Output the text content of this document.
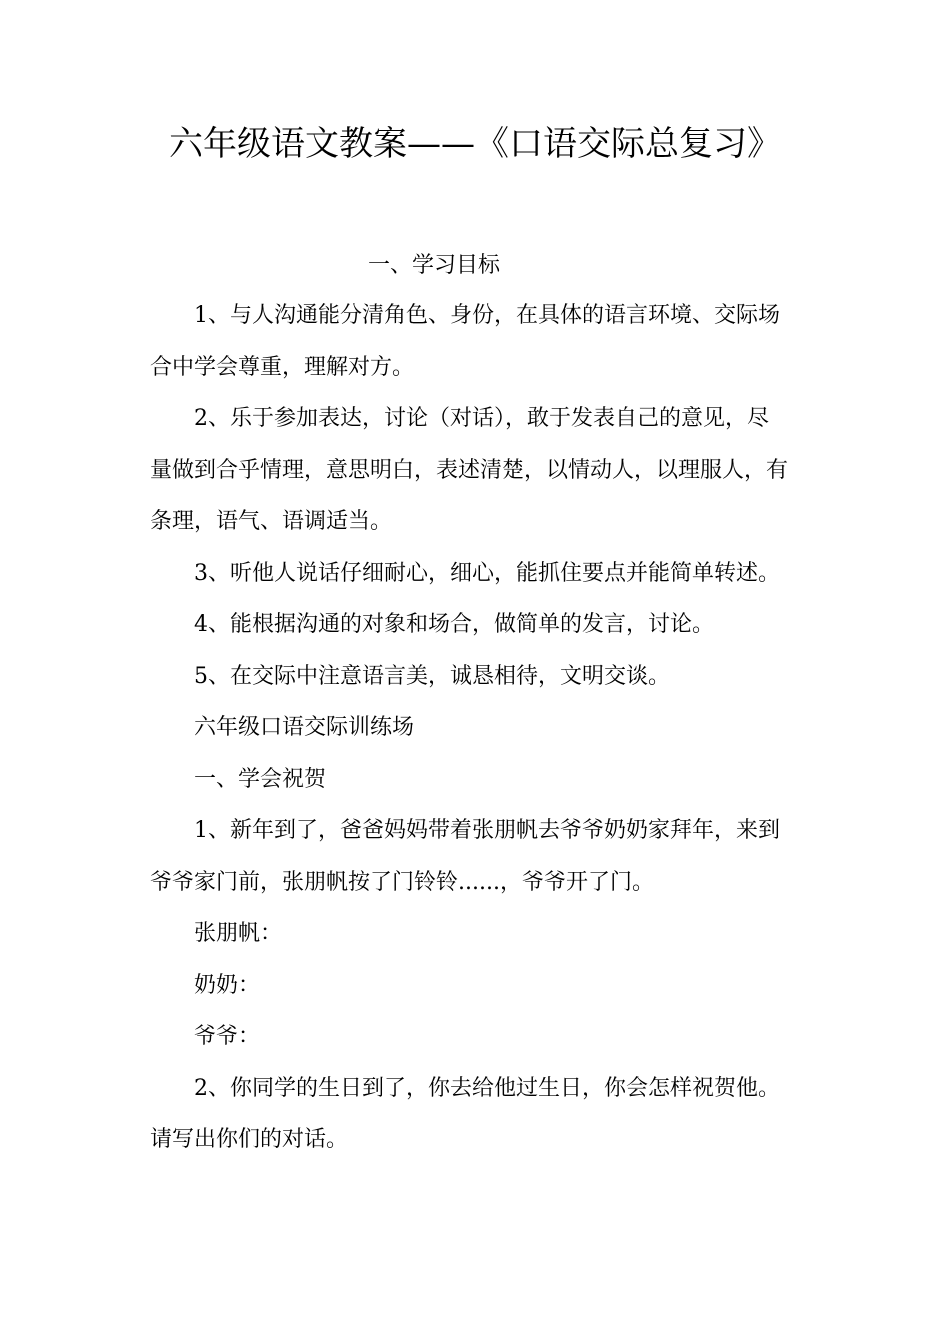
六年级语文教案——《口语交际总复习》
一、学习目标
1、与人沟通能分清角色、身份，在具体的语言环境、交际场
合中学会尊重，理解对方。
2、乐于参加表达，讨论（对话），敢于发表自己的意见，尽
量做到合乎情理，意思明白，表述清楚，以情动人，以理服人，有
条理，语气、语调适当。
3、听他人说话仔细耐心，细心，能抓住要点并能简单转述。
4、能根据沟通的对象和场合，做简单的发言，讨论。
5、在交际中注意语言美，诚恳相待，文明交谈。
六年级口语交际训练场
一、学会祝贺
1、新年到了，爸爸妈妈带着张朋帆去爷爷奶奶家拜年，来到
爷爷家门前，张朋帆按了门铃铃......，爷爷开了门。
张朋帆：
奶奶：
爷爷：
2、你同学的生日到了，你去给他过生日，你会怎样祝贺他。
请写出你们的对话。
